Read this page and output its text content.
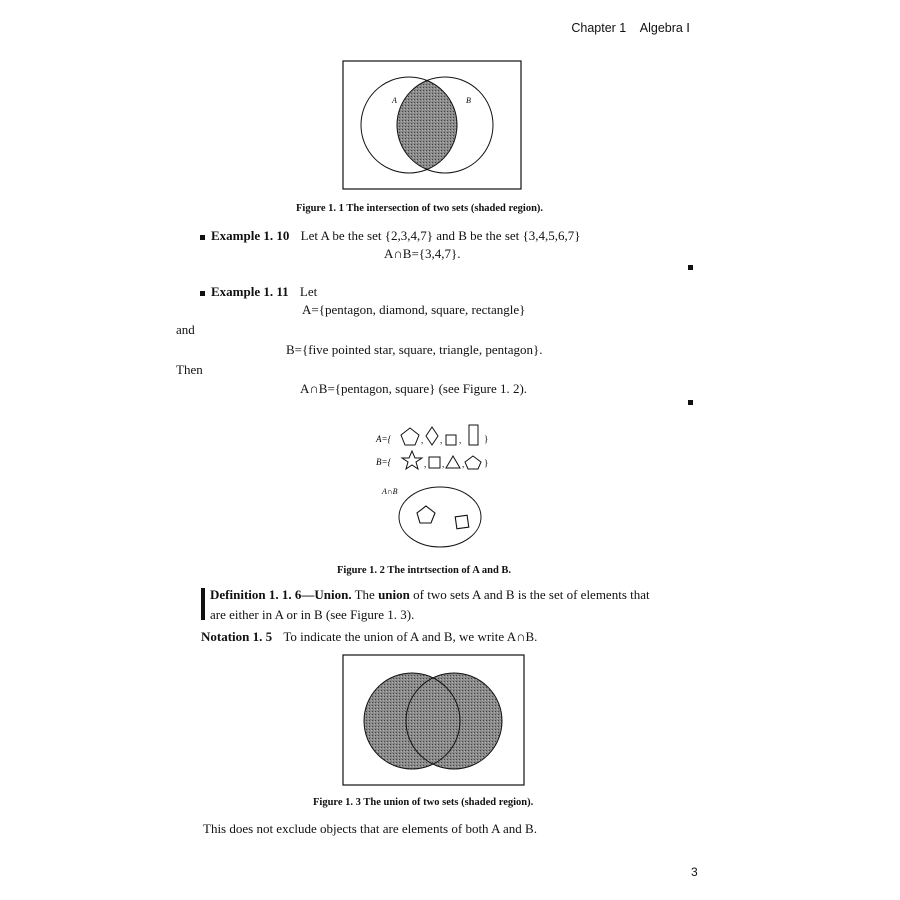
Chapter 1 Algebra Ⅰ
A	B
Figure 1. 1 The intersection of two sets (shaded region).
Example 1. 10 Let A be the set {2,3,4,7} and B be the set {3,4,5,6,7}
A∩B={3,4,7}.
Example 1. 11 Let
A={pentagon, diamond, square, rectangle}
and
B={five pointed star, square, triangle, pentagon}.
Then
A∩B={pentagon, square} (see Figure 1. 2).
A={	, , ,	}
B={	, , , }
A∩B
Figure 1. 2 The intrtsection of A and B.
Definition 1. 1. 6—Union. The union of two sets A and B is the set of elements that
are either in A or in B (see Figure 1. 3).
Notation 1. 5 To indicate the union of A and B, we write A∩B.
Figure 1. 3 The union of two sets (shaded region).
This does not exclude objects that are elements of both A and B.
3
